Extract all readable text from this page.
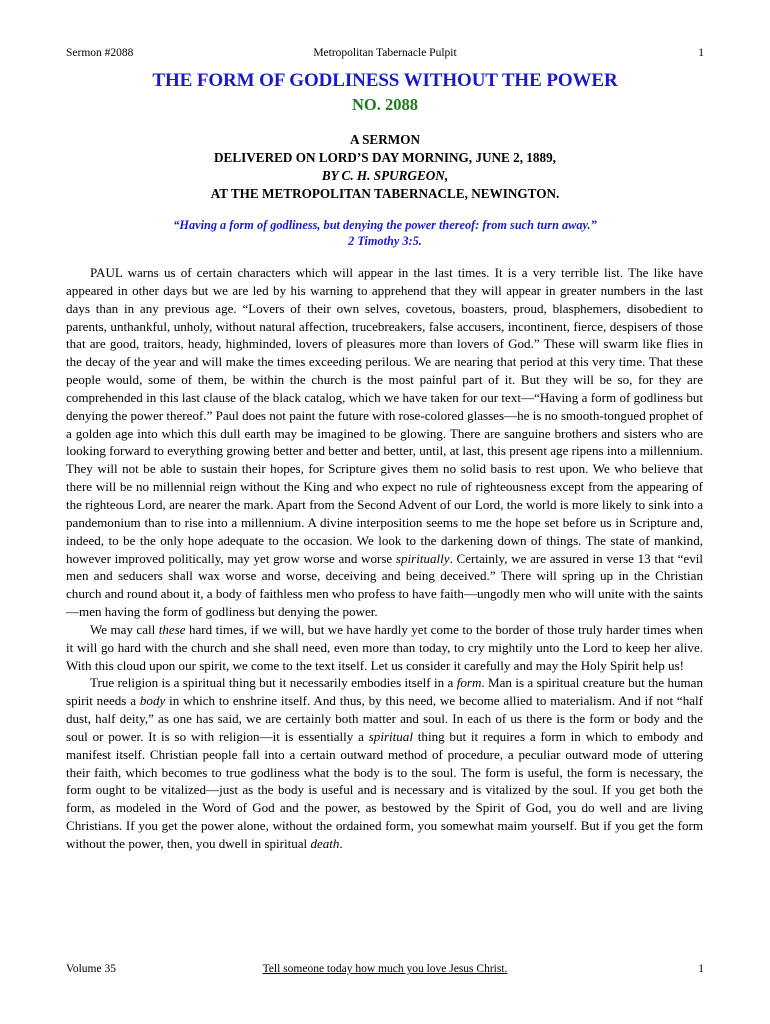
Sermon #2088	Metropolitan Tabernacle Pulpit	1
THE FORM OF GODLINESS WITHOUT THE POWER
NO. 2088
A SERMON
DELIVERED ON LORD’S DAY MORNING, JUNE 2, 1889,
BY C. H. SPURGEON,
AT THE METROPOLITAN TABERNACLE, NEWINGTON.
“Having a form of godliness, but denying the power thereof: from such turn away.”
2 Timothy 3:5.

PAUL warns us of certain characters which will appear in the last times. It is a very terrible list. The like have appeared in other days but we are led by his warning to apprehend that they will appear in greater numbers in the last days than in any previous age. “Lovers of their own selves, covetous, boasters, proud, blasphemers, disobedient to parents, unthankful, unholy, without natural affection, trucebreakers, false accusers, incontinent, fierce, despisers of those that are good, traitors, heady, highminded, lovers of pleasures more than lovers of God.” These will swarm like flies in the decay of the year and will make the times exceeding perilous. We are nearing that period at this very time. That these people would, some of them, be within the church is the most painful part of it. But they will be so, for they are comprehended in this last clause of the black catalog, which we have taken for our text—“Having a form of godliness but denying the power thereof.” Paul does not paint the future with rose-colored glasses—he is no smooth-tongued prophet of a golden age into which this dull earth may be imagined to be glowing. There are sanguine brothers and sisters who are looking forward to everything growing better and better and better, until, at last, this present age ripens into a millennium. They will not be able to sustain their hopes, for Scripture gives them no solid basis to rest upon. We who believe that there will be no millennial reign without the King and who expect no rule of righteousness except from the appearing of the righteous Lord, are nearer the mark. Apart from the Second Advent of our Lord, the world is more likely to sink into a pandemonium than to rise into a millennium. A divine interposition seems to me the hope set before us in Scripture and, indeed, to be the only hope adequate to the occasion. We look to the darkening down of things. The state of mankind, however improved politically, may yet grow worse and worse spiritually. Certainly, we are assured in verse 13 that “evil men and seducers shall wax worse and worse, deceiving and being deceived.” There will spring up in the Christian church and round about it, a body of faithless men who profess to have faith—ungodly men who will unite with the saints—men having the form of godliness but denying the power.

We may call these hard times, if we will, but we have hardly yet come to the border of those truly harder times when it will go hard with the church and she shall need, even more than today, to cry mightily unto the Lord to keep her alive. With this cloud upon our spirit, we come to the text itself. Let us consider it carefully and may the Holy Spirit help us!

True religion is a spiritual thing but it necessarily embodies itself in a form. Man is a spiritual creature but the human spirit needs a body in which to enshrine itself. And thus, by this need, we become allied to materialism. And if not “half dust, half deity,” as one has said, we are certainly both matter and soul. In each of us there is the form or body and the soul or power. It is so with religion—it is essentially a spiritual thing but it requires a form in which to embody and manifest itself. Christian people fall into a certain outward method of procedure, a peculiar outward mode of uttering their faith, which becomes to true godliness what the body is to the soul. The form is useful, the form is necessary, the form ought to be vitalized—just as the body is useful and is necessary and is vitalized by the soul. If you get both the form, as modeled in the Word of God and the power, as bestowed by the Spirit of God, you do well and are living Christians. If you get the power alone, without the ordained form, you somewhat maim yourself. But if you get the form without the power, then, you dwell in spiritual death.

Volume 35	Tell someone today how much you love Jesus Christ.	1
